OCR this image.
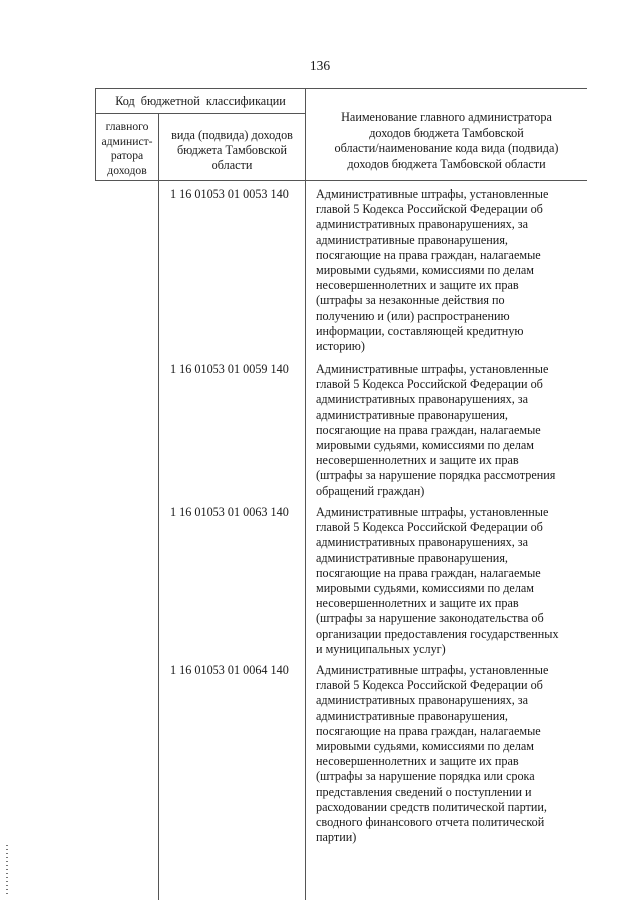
136
Код  бюджетной  классификации
главного
админист-
ратора
доходов
вида (подвида) доходов
бюджета Тамбовской
области
Наименование главного администратора
доходов бюджета Тамбовской
области/наименование кода вида (подвида)
доходов бюджета Тамбовской области
1 16 01053 01 0053 140	Административные штрафы, установленные
главой 5 Кодекса Российской Федерации об
административных правонарушениях, за
административные правонарушения,
посягающие на права граждан, налагаемые
мировыми судьями, комиссиями по делам
несовершеннолетних и защите их прав
(штрафы за незаконные действия по
получению и (или) распространению
информации, составляющей кредитную
историю)
1 16 01053 01 0059 140	Административные штрафы, установленные
главой 5 Кодекса Российской Федерации об
административных правонарушениях, за
административные правонарушения,
посягающие на права граждан, налагаемые
мировыми судьями, комиссиями по делам
несовершеннолетних и защите их прав
(штрафы за нарушение порядка рассмотрения
обращений граждан)
1 16 01053 01 0063 140	Административные штрафы, установленные
главой 5 Кодекса Российской Федерации об
административных правонарушениях, за
административные правонарушения,
посягающие на права граждан, налагаемые
мировыми судьями, комиссиями по делам
несовершеннолетних и защите их прав
(штрафы за нарушение законодательства об
организации предоставления государственных
и муниципальных услуг)
1 16 01053 01 0064 140	Административные штрафы, установленные
главой 5 Кодекса Российской Федерации об
административных правонарушениях, за
административные правонарушения,
посягающие на права граждан, налагаемые
мировыми судьями, комиссиями по делам
несовершеннолетних и защите их прав
(штрафы за нарушение порядка или срока
представления сведений о поступлении и
расходовании средств политической партии,
сводного финансового отчета политической
партии)
